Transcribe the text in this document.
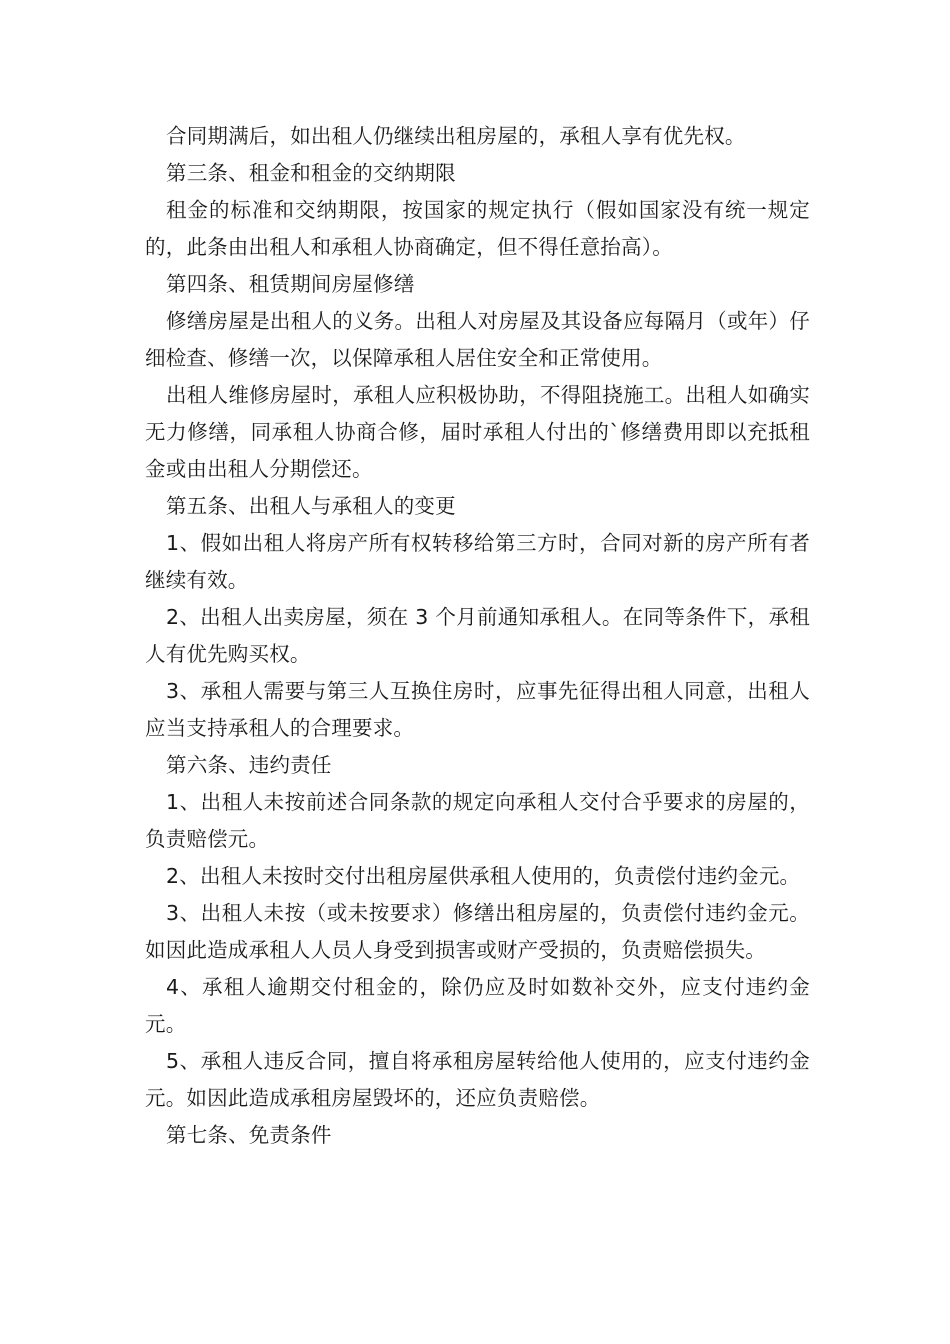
合同期满后，如出租人仍继续出租房屋的，承租人享有优先权。

第三条、租金和租金的交纳期限

租金的标准和交纳期限，按国家的规定执行（假如国家没有统一规定的，此条由出租人和承租人协商确定，但不得任意抬高）。

第四条、租赁期间房屋修缮

修缮房屋是出租人的义务。出租人对房屋及其设备应每隔月（或年）仔细检查、修缮一次，以保障承租人居住安全和正常使用。

出租人维修房屋时，承租人应积极协助，不得阻挠施工。出租人如确实无力修缮，同承租人协商合修，届时承租人付出的`修缮费用即以充抵租金或由出租人分期偿还。

第五条、出租人与承租人的变更

1、假如出租人将房产所有权转移给第三方时，合同对新的房产所有者继续有效。

2、出租人出卖房屋，须在 3 个月前通知承租人。在同等条件下，承租人有优先购买权。

3、承租人需要与第三人互换住房时，应事先征得出租人同意，出租人应当支持承租人的合理要求。

第六条、违约责任

1、出租人未按前述合同条款的规定向承租人交付合乎要求的房屋的，负责赔偿元。

2、出租人未按时交付出租房屋供承租人使用的，负责偿付违约金元。

3、出租人未按（或未按要求）修缮出租房屋的，负责偿付违约金元。如因此造成承租人人员人身受到损害或财产受损的，负责赔偿损失。

4、承租人逾期交付租金的，除仍应及时如数补交外，应支付违约金元。

5、承租人违反合同，擅自将承租房屋转给他人使用的，应支付违约金元。如因此造成承租房屋毁坏的，还应负责赔偿。

第七条、免责条件
